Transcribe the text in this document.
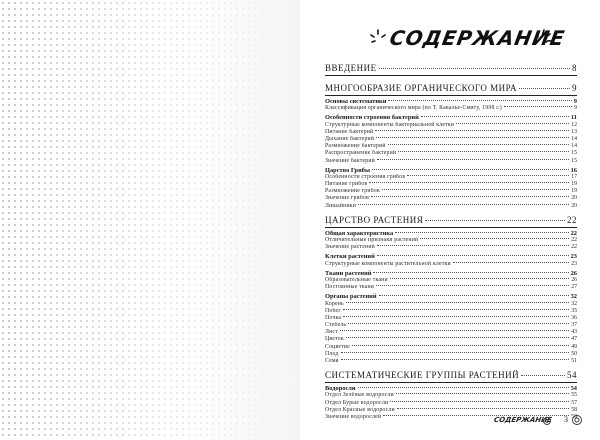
СОДЕРЖАНИЕ
ВВЕДЕНИЕ	8
МНОГООБРАЗИЕ ОРГАНИЧЕСКОГО МИРА	9
Основы систематики	9
Классификация органического мира (по Т. Кавалье-Смиту, 1998 г.)	9
Особенности строения бактерий	11
Структурные компоненты бактериальной клетки	12
Питание бактерий	13
Дыхание бактерий	14
Размножение бактерий	14
Распространение бактерий	15
Значение бактерий	15
Царство Грибы	16
Особенности строения грибов	17
Питание грибов	19
Размножение грибов	19
Значение грибов	20
Лишайники	20
ЦАРСТВО РАСТЕНИЯ	22
Общая характеристика	22
Отличительные признаки растений	22
Значение растений	22
Клетки растений	23
Структурные компоненты растительной клетки	23
Ткани растений	26
Образовательные ткани	26
Постоянные ткани	27
Органы растений	32
Корень	32
Побег	35
Почка	36
Стебель	37
Лист	43
Цветок	47
Соцветие	49
Плод	50
Семя	51
СИСТЕМАТИЧЕСКИЕ ГРУППЫ РАСТЕНИЙ	54
Водоросли	54
Отдел Зелёные водоросли	55
Отдел Бурые водоросли	57
Отдел Красные водоросли	58
Значение водорослей	59
СОДЕРЖАНИЕ 3
